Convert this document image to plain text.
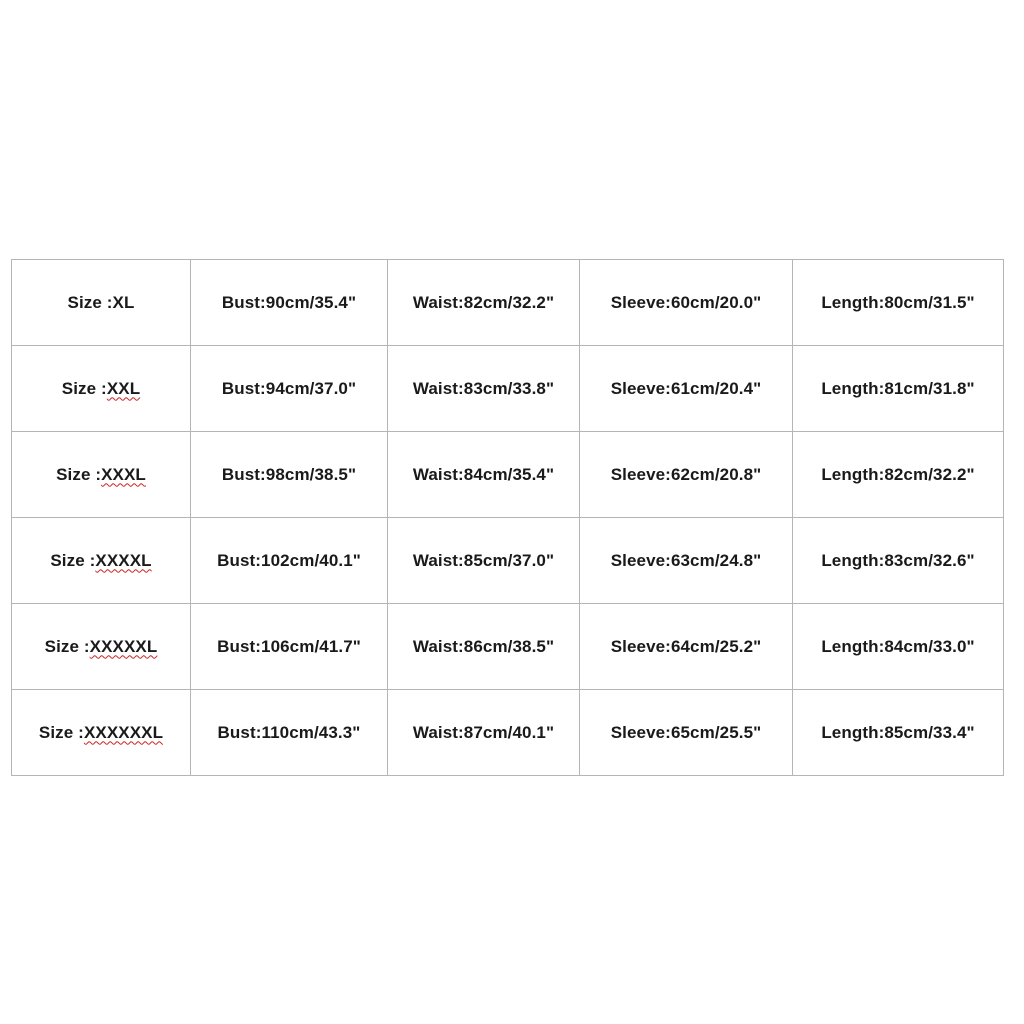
Size :XL	Bust:90cm/35.4"	Waist:82cm/32.2"	Sleeve:60cm/20.0"	Length:80cm/31.5"
Size :XXL	Bust:94cm/37.0"	Waist:83cm/33.8"	Sleeve:61cm/20.4"	Length:81cm/31.8"
Size :XXXL	Bust:98cm/38.5"	Waist:84cm/35.4"	Sleeve:62cm/20.8"	Length:82cm/32.2"
Size :XXXXL	Bust:102cm/40.1"	Waist:85cm/37.0"	Sleeve:63cm/24.8"	Length:83cm/32.6"
Size :XXXXXL	Bust:106cm/41.7"	Waist:86cm/38.5"	Sleeve:64cm/25.2"	Length:84cm/33.0"
Size :XXXXXXL	Bust:110cm/43.3"	Waist:87cm/40.1"	Sleeve:65cm/25.5"	Length:85cm/33.4"
